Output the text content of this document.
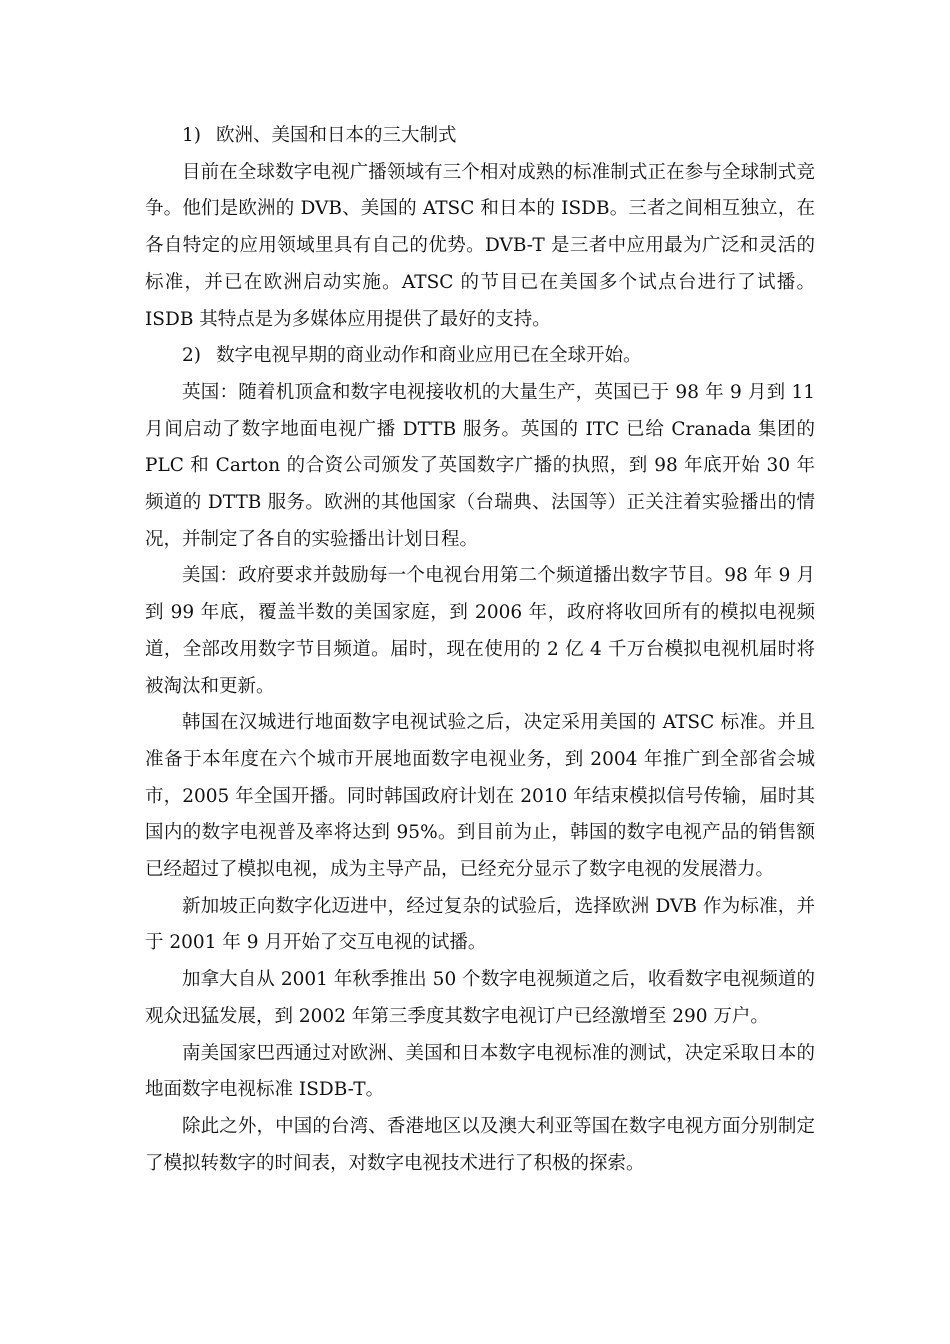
1) 欧洲、美国和日本的三大制式

目前在全球数字电视广播领域有三个相对成熟的标准制式正在参与全球制式竞争。他们是欧洲的 DVB、美国的 ATSC 和日本的 ISDB。三者之间相互独立，在各自特定的应用领域里具有自己的优势。DVB-T 是三者中应用最为广泛和灵活的标准，并已在欧洲启动实施。ATSC 的节目已在美国多个试点台进行了试播。ISDB 其特点是为多媒体应用提供了最好的支持。

2) 数字电视早期的商业动作和商业应用已在全球开始。

英国：随着机顶盒和数字电视接收机的大量生产，英国已于 98 年 9 月到 11 月间启动了数字地面电视广播 DTTB 服务。英国的 ITC 已给 Cranada 集团的 PLC 和 Carton 的合资公司颁发了英国数字广播的执照，到 98 年底开始 30 年频道的 DTTB 服务。欧洲的其他国家（台瑞典、法国等）正关注着实验播出的情况，并制定了各自的实验播出计划日程。

美国：政府要求并鼓励每一个电视台用第二个频道播出数字节目。98 年 9 月到 99 年底，覆盖半数的美国家庭，到 2006 年，政府将收回所有的模拟电视频道，全部改用数字节目频道。届时，现在使用的 2 亿 4 千万台模拟电视机届时将被淘汰和更新。

韩国在汉城进行地面数字电视试验之后，决定采用美国的 ATSC 标准。并且准备于本年度在六个城市开展地面数字电视业务，到 2004 年推广到全部省会城市，2005 年全国开播。同时韩国政府计划在 2010 年结束模拟信号传输，届时其国内的数字电视普及率将达到 95%。到目前为止，韩国的数字电视产品的销售额已经超过了模拟电视，成为主导产品，已经充分显示了数字电视的发展潜力。

新加坡正向数字化迈进中，经过复杂的试验后，选择欧洲 DVB 作为标准，并于 2001 年 9 月开始了交互电视的试播。

加拿大自从 2001 年秋季推出 50 个数字电视频道之后，收看数字电视频道的观众迅猛发展，到 2002 年第三季度其数字电视订户已经激增至 290 万户。

南美国家巴西通过对欧洲、美国和日本数字电视标准的测试，决定采取日本的地面数字电视标准 ISDB-T。

除此之外，中国的台湾、香港地区以及澳大利亚等国在数字电视方面分别制定了模拟转数字的时间表，对数字电视技术进行了积极的探索。
